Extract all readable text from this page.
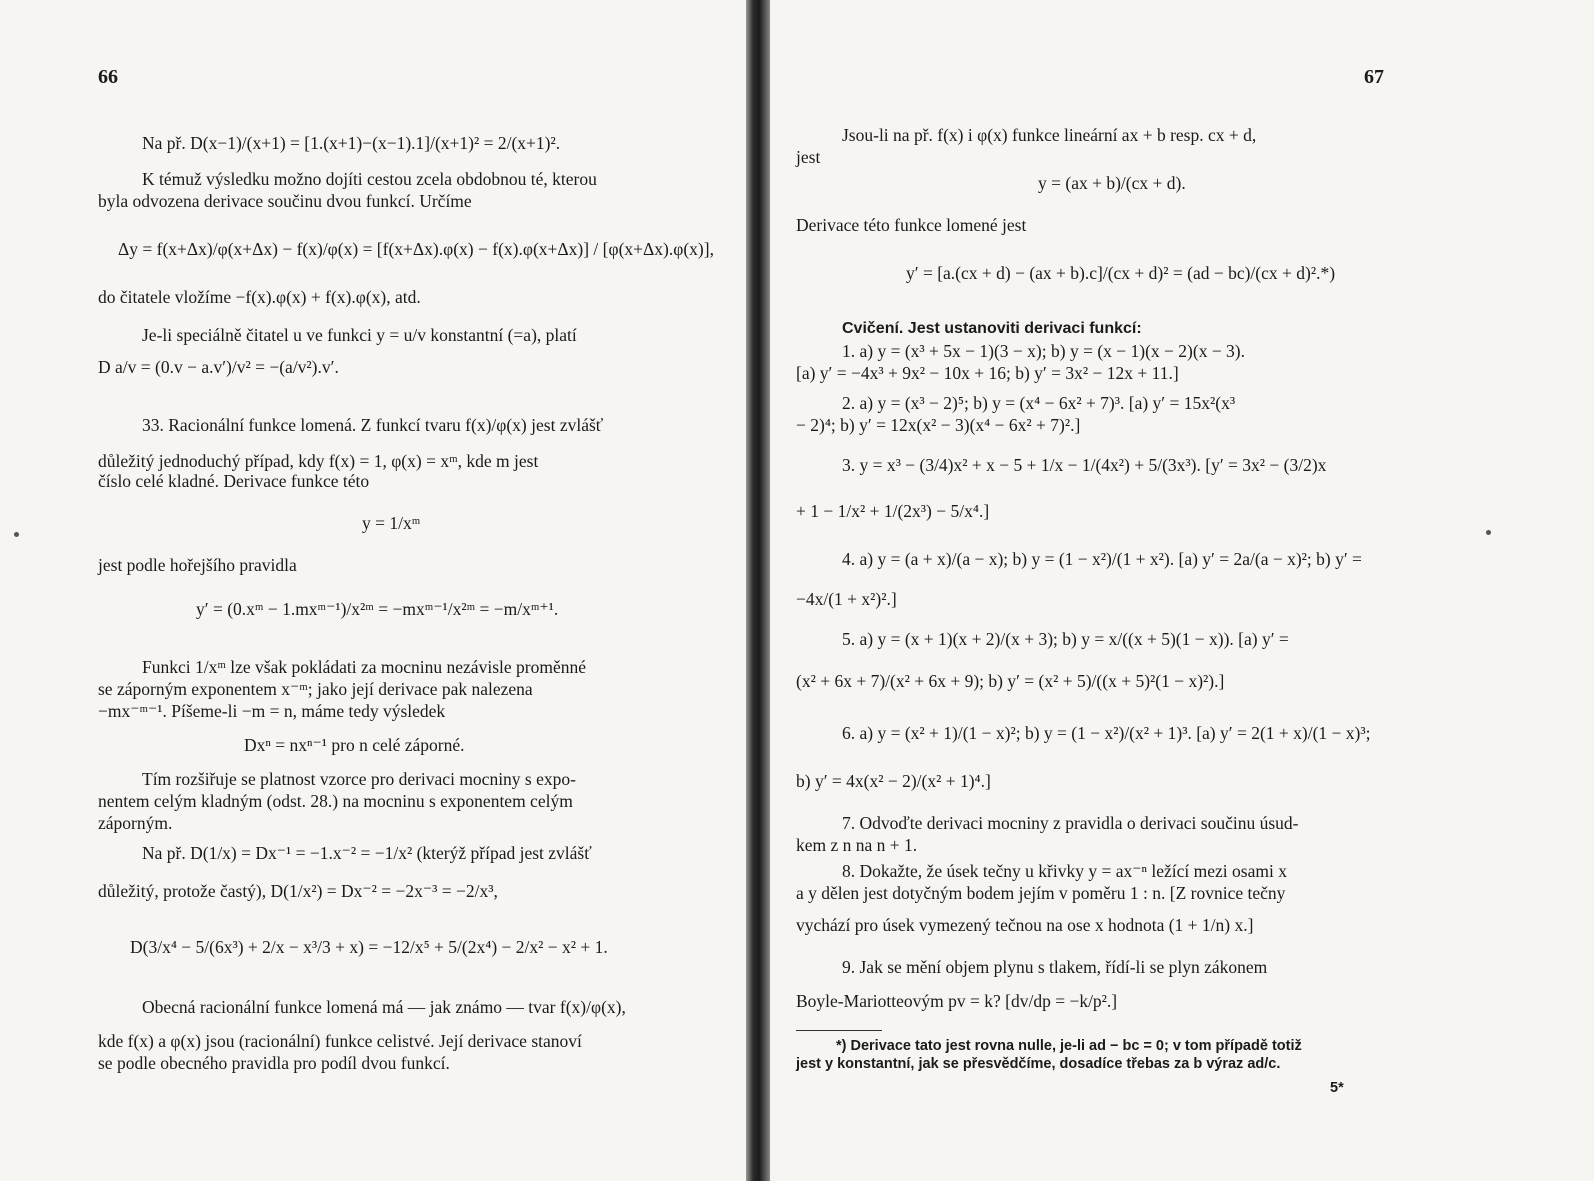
66
Na př. D(x−1)/(x+1) = [1.(x+1)−(x−1).1]/(x+1)² = 2/(x+1)².
K témuž výsledku možno dojíti cestou zcela obdobnou té, kterou
byla odvozena derivace součinu dvou funkcí. Určíme
Δy = f(x+Δx)/φ(x+Δx) − f(x)/φ(x) = [f(x+Δx).φ(x) − f(x).φ(x+Δx)] / [φ(x+Δx).φ(x)],
do čitatele vložíme −f(x).φ(x) + f(x).φ(x), atd.
Je-li speciálně čitatel u ve funkci y = u/v konstantní (=a), platí
D a/v = (0.v − a.v′)/v² = −(a/v²).v′.
33. Racionální funkce lomená. Z funkcí tvaru f(x)/φ(x) jest zvlášť
důležitý jednoduchý případ, kdy f(x) = 1, φ(x) = xᵐ, kde m jest
číslo celé kladné. Derivace funkce této
y = 1/xᵐ
jest podle hořejšího pravidla
y′ = (0.xᵐ − 1.mxᵐ⁻¹)/x²ᵐ = −mxᵐ⁻¹/x²ᵐ = −m/xᵐ⁺¹.
Funkci 1/xᵐ lze však pokládati za mocninu nezávisle proměnné
se záporným exponentem x⁻ᵐ; jako její derivace pak nalezena
−mx⁻ᵐ⁻¹. Píšeme-li −m = n, máme tedy výsledek
Dxⁿ = nxⁿ⁻¹ pro n celé záporné.
Tím rozšiřuje se platnost vzorce pro derivaci mocniny s expo-
nentem celým kladným (odst. 28.) na mocninu s exponentem celým
záporným.
Na př. D(1/x) = Dx⁻¹ = −1.x⁻² = −1/x² (kterýž případ jest zvlášť
důležitý, protože častý), D(1/x²) = Dx⁻² = −2x⁻³ = −2/x³,
D(3/x⁴ − 5/(6x³) + 2/x − x³/3 + x) = −12/x⁵ + 5/(2x⁴) − 2/x² − x² + 1.
Obecná racionální funkce lomená má — jak známo — tvar f(x)/φ(x),
kde f(x) a φ(x) jsou (racionální) funkce celistvé. Její derivace stanoví
se podle obecného pravidla pro podíl dvou funkcí.
67
Jsou-li na př. f(x) i φ(x) funkce lineární ax + b resp. cx + d,
jest
y = (ax + b)/(cx + d).
Derivace této funkce lomené jest
y′ = [a.(cx + d) − (ax + b).c]/(cx + d)² = (ad − bc)/(cx + d)².*)
Cvičení. Jest ustanoviti derivaci funkcí:
1. a) y = (x³ + 5x − 1)(3 − x); b) y = (x − 1)(x − 2)(x − 3).
[a) y′ = −4x³ + 9x² − 10x + 16; b) y′ = 3x² − 12x + 11.]
2. a) y = (x³ − 2)⁵; b) y = (x⁴ − 6x² + 7)³. [a) y′ = 15x²(x³
− 2)⁴; b) y′ = 12x(x² − 3)(x⁴ − 6x² + 7)².]
3. y = x³ − (3/4)x² + x − 5 + 1/x − 1/(4x²) + 5/(3x³). [y′ = 3x² − (3/2)x
+ 1 − 1/x² + 1/(2x³) − 5/x⁴.]
4. a) y = (a + x)/(a − x); b) y = (1 − x²)/(1 + x²). [a) y′ = 2a/(a − x)²; b) y′ =
−4x/(1 + x²)².]
5. a) y = (x + 1)(x + 2)/(x + 3); b) y = x/((x + 5)(1 − x)). [a) y′ =
(x² + 6x + 7)/(x² + 6x + 9); b) y′ = (x² + 5)/((x + 5)²(1 − x)²).]
6. a) y = (x² + 1)/(1 − x)²; b) y = (1 − x²)/(x² + 1)³. [a) y′ = 2(1 + x)/(1 − x)³;
b) y′ = 4x(x² − 2)/(x² + 1)⁴.]
7. Odvoďte derivaci mocniny z pravidla o derivaci součinu úsud-
kem z n na n + 1.
8. Dokažte, že úsek tečny u křivky y = ax⁻ⁿ ležící mezi osami x
a y dělen jest dotyčným bodem jejím v poměru 1 : n. [Z rovnice tečny
vychází pro úsek vymezený tečnou na ose x hodnota (1 + 1/n) x.]
9. Jak se mění objem plynu s tlakem, řídí-li se plyn zákonem
Boyle-Mariotteovým pv = k? [dv/dp = −k/p².]
*) Derivace tato jest rovna nulle, je-li ad − bc = 0; v tom případě totiž
jest y konstantní, jak se přesvědčíme, dosadíce třebas za b výraz ad/c.
5*
